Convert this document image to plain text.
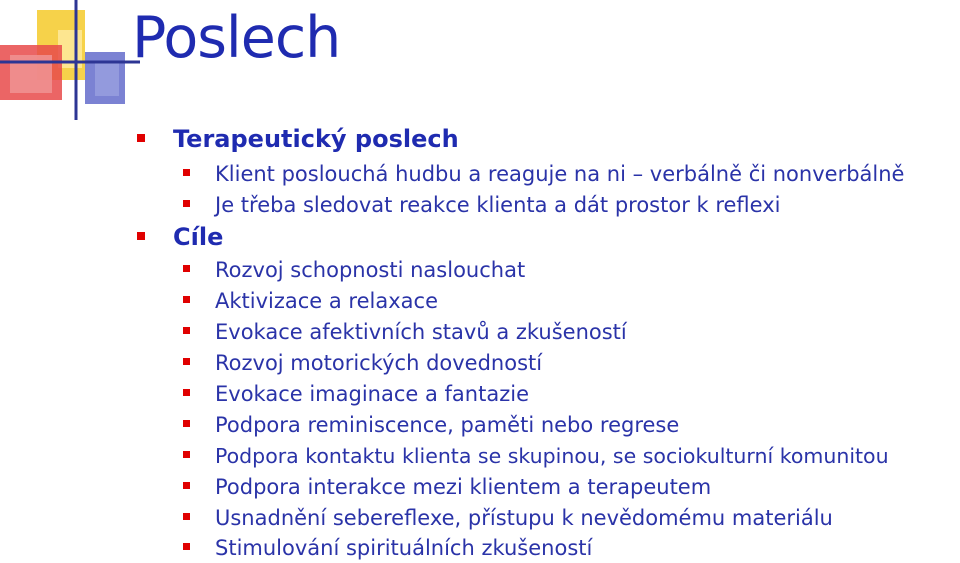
Poslech
Terapeutický poslech
Klient poslouchá hudbu a reaguje na ni – verbálně či nonverbálně
Je třeba sledovat reakce klienta a dát prostor k reflexi
Cíle
Rozvoj schopnosti naslouchat
Aktivizace a relaxace
Evokace afektivních stavů a zkušeností
Rozvoj motorických dovedností
Evokace imaginace a fantazie
Podpora reminiscence, paměti nebo regrese
Podpora kontaktu klienta se skupinou, se sociokulturní komunitou
Podpora interakce mezi klientem a terapeutem
Usnadnění sebereflexe, přístupu k nevědomému materiálu
Stimulování spirituálních zkušeností
